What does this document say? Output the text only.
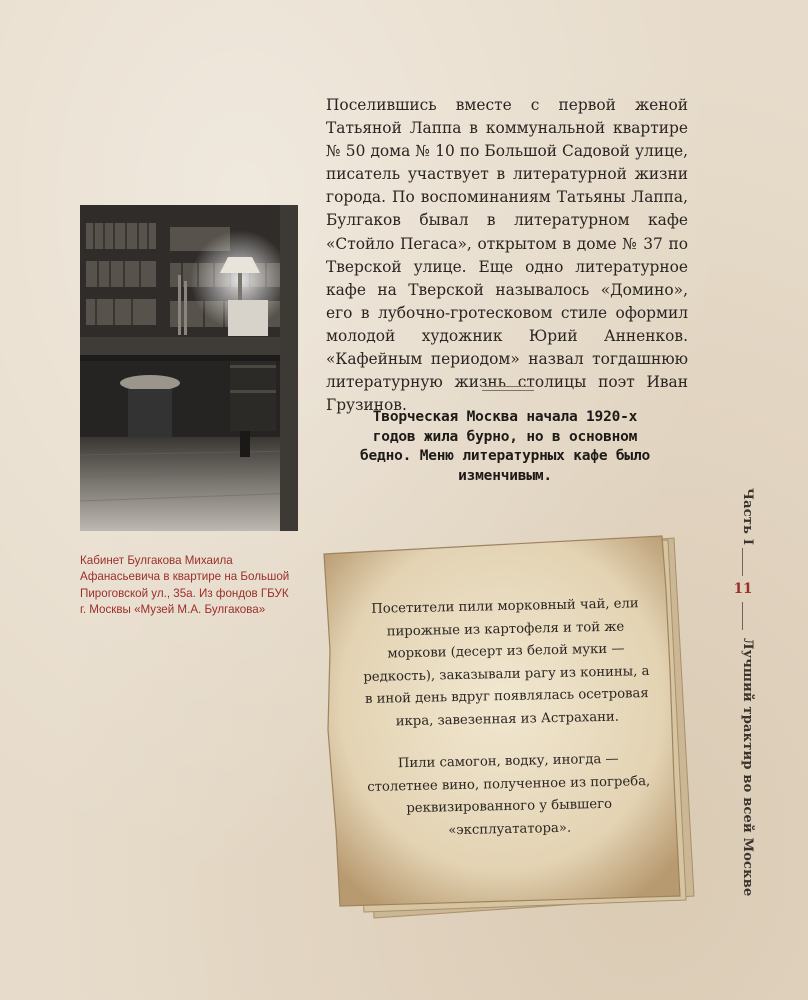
Поселившись вместе с первой женой Татьяной Лаппа в коммунальной квартире № 50 дома № 10 по Большой Садовой улице, писатель участвует в литературной жизни города. По воспоминаниям Татьяны Лаппа, Булгаков бывал в литературном кафе «Стойло Пегаса», открытом в доме № 37 по Тверской улице. Еще одно литературное кафе на Тверской называлось «Домино», его в лубочно-гротесковом стиле оформил молодой художник Юрий Анненков. «Кафейным периодом» назвал тогдашнюю литературную жизнь столицы поэт Иван Грузинов.

Творческая Москва начала 1920-х годов жила бурно, но в основном бедно. Меню литературных кафе было изменчивым.

Кабинет Булгакова Михаила Афанасьевича в квартире на Большой Пироговской ул., 35а. Из фондов ГБУК г. Москвы «Музей М.А. Булгакова»	Посетители пили морковный чай, ели пирожные из картофеля и той же моркови (десерт из белой муки — редкость), заказывали рагу из конины, а в иной день вдруг появлялась осетровая икра, завезенная из Астрахани.

Пили самогон, водку, иногда — столетнее вино, полученное из погреба, реквизированного у бывшего «эксплуататора».

Часть I
11
Лучший трактир во всей Москве
